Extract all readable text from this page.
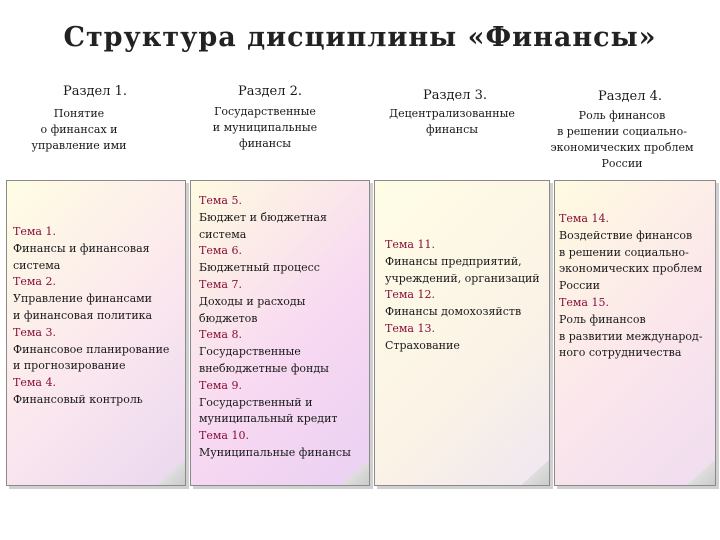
Структура дисциплины «Финансы»
Раздел 1.	Раздел 2.	Раздел 3.	Раздел 4.
Понятие
о финансах и
управление ими
Государственные
и муниципальные
финансы
Децентрализованные
финансы
Роль финансов
в решении социально-
экономических проблем
России
Тема 1.
Финансы и финансовая
система
Тема 2.
Управление финансами
и финансовая политика
Тема 3.
Финансовое планирование
и прогнозирование
Тема 4.
Финансовый контроль
Тема 5.
Бюджет и бюджетная
система
Тема 6.
Бюджетный процесс
Тема 7.
Доходы и расходы
бюджетов
Тема 8.
Государственные
внебюджетные фонды
Тема 9.
Государственный и
муниципальный кредит
Тема 10.
Муниципальные финансы
Тема 11.
Финансы предприятий,
учреждений, организаций
Тема 12.
Финансы домохозяйств
Тема 13.
Страхование
Тема 14.
Воздействие финансов
в решении социально-
экономических проблем
России
Тема 15.
Роль финансов
в развитии международ-
ного сотрудничества
